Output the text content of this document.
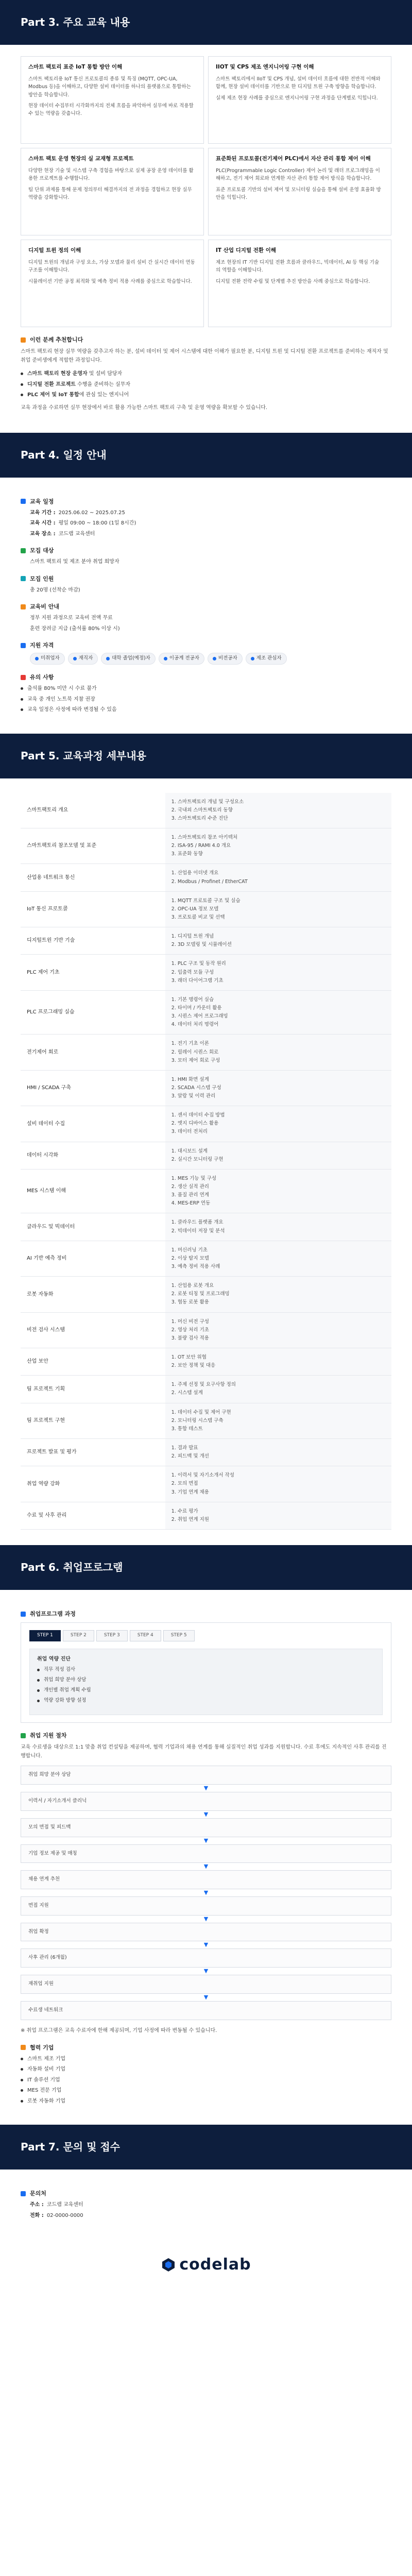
Part 3. 주요 교육 내용
스마트 팩토리 표준 IoT 통합 방안 이해

스마트 팩토리용 IoT 통신 프로토콜의 종류 및 특징 (MQTT, OPC-UA, Modbus 등)을 이해하고, 다양한 설비 데이터를 하나의 플랫폼으로 통합하는 방안을 학습합니다.

현장 데이터 수집부터 시각화까지의 전체 흐름을 파악하여 실무에 바로 적용할 수 있는 역량을 갖춥니다.

IIOT 및 CPS 제조 엔지니어링 구현 이해

스마트 팩토리에서 IIoT 및 CPS 개념, 설비 데이터 흐름에 대한 전반적 이해와 함께, 현장 설비 데이터를 기반으로 한 디지털 트윈 구축 방향을 학습합니다.

실제 제조 현장 사례를 중심으로 엔지니어링 구현 과정을 단계별로 익힙니다.

스마트 팩토 운영 현장의 실 교재형 프로젝트

다양한 현장 기술 및 시스템 구축 경험을 바탕으로 실제 공장 운영 데이터를 활용한 프로젝트를 수행합니다.

팀 단위 과제를 통해 문제 정의부터 해결까지의 전 과정을 경험하고 현장 실무 역량을 강화합니다.

표준화된 프로토콜(전기제어 PLC)에서 자산 관리 통합 제어 이해

PLC(Programmable Logic Controller) 제어 논리 및 래더 프로그래밍을 이해하고, 전기 제어 회로와 연계한 자산 관리 통합 제어 방식을 학습합니다.

표준 프로토콜 기반의 설비 제어 및 모니터링 실습을 통해 설비 운영 효율화 방안을 익힙니다.

디지털 트윈 정의 이해

디지털 트윈의 개념과 구성 요소, 가상 모델과 물리 설비 간 실시간 데이터 연동 구조를 이해합니다.

시뮬레이션 기반 공정 최적화 및 예측 정비 적용 사례를 중심으로 학습합니다.

IT 산업 디지털 전환 이해

제조 현장의 IT 기반 디지털 전환 흐름과 클라우드, 빅데이터, AI 등 핵심 기술의 역할을 이해합니다.

디지털 전환 전략 수립 및 단계별 추진 방안을 사례 중심으로 학습합니다.

이런 분께 추천합니다

스마트 팩토리 현장 실무 역량을 갖추고자 하는 분, 설비 데이터 및 제어 시스템에 대한 이해가 필요한 분, 디지털 트윈 및 디지털 전환 프로젝트를 준비하는 재직자 및 취업 준비생에게 적합한 과정입니다.

스마트 팩토리 현장 운영자 및 설비 담당자
디지털 전환 프로젝트 수행을 준비하는 실무자
PLC 제어 및 IoT 통합에 관심 있는 엔지니어

교육 과정을 수료하면 실무 현장에서 바로 활용 가능한 스마트 팩토리 구축 및 운영 역량을 확보할 수 있습니다.

Part 4. 일정 안내
교육 일정
교육 기간 : 2025.06.02 ~ 2025.07.25
교육 시간 : 평일 09:00 ~ 18:00 (1일 8시간)
교육 장소 : 코드랩 교육센터
모집 대상
스마트 팩토리 및 제조 분야 취업 희망자
모집 인원
총 20명 (선착순 마감)
교육비 안내
정부 지원 과정으로 교육비 전액 무료
훈련 장려금 지급 (출석률 80% 이상 시)
지원 자격
미취업자	재직자	대학 졸업(예정)자	이공계 전공자	비전공자	제조 관심자
유의 사항
출석률 80% 미만 시 수료 불가
교육 중 개인 노트북 지참 권장
교육 일정은 사정에 따라 변경될 수 있음
Part 5. 교육과정 세부내용
스마트팩토리 개요	1. 스마트팩토리 개념 및 구성요소
2. 국내외 스마트팩토리 동향
3. 스마트팩토리 수준 진단
스마트팩토리 참조모델 및 표준	1. 스마트팩토리 참조 아키텍처
2. ISA-95 / RAMI 4.0 개요
3. 표준화 동향
산업용 네트워크 통신	1. 산업용 이더넷 개요
2. Modbus / Profinet / EtherCAT
IoT 통신 프로토콜	1. MQTT 프로토콜 구조 및 실습
2. OPC-UA 정보 모델
3. 프로토콜 비교 및 선택
디지털트윈 기반 기술	1. 디지털 트윈 개념
2. 3D 모델링 및 시뮬레이션
PLC 제어 기초	1. PLC 구조 및 동작 원리
2. 입출력 모듈 구성
3. 래더 다이어그램 기초
PLC 프로그래밍 실습	1. 기본 명령어 실습
2. 타이머 / 카운터 활용
3. 시퀀스 제어 프로그래밍
4. 데이터 처리 명령어
전기제어 회로	1. 전기 기초 이론
2. 릴레이 시퀀스 회로
3. 모터 제어 회로 구성
HMI / SCADA 구축	1. HMI 화면 설계
2. SCADA 시스템 구성
3. 알람 및 이력 관리
설비 데이터 수집	1. 센서 데이터 수집 방법
2. 엣지 디바이스 활용
3. 데이터 전처리
데이터 시각화	1. 대시보드 설계
2. 실시간 모니터링 구현
MES 시스템 이해	1. MES 기능 및 구성
2. 생산 실적 관리
3. 품질 관리 연계
4. MES-ERP 연동
클라우드 및 빅데이터	1. 클라우드 플랫폼 개요
2. 빅데이터 저장 및 분석
AI 기반 예측 정비	1. 머신러닝 기초
2. 이상 탐지 모델
3. 예측 정비 적용 사례
로봇 자동화	1. 산업용 로봇 개요
2. 로봇 티칭 및 프로그래밍
3. 협동 로봇 활용
비전 검사 시스템	1. 머신 비전 구성
2. 영상 처리 기초
3. 불량 검사 적용
산업 보안	1. OT 보안 위협
2. 보안 정책 및 대응
팀 프로젝트 기획	1. 주제 선정 및 요구사항 정의
2. 시스템 설계
팀 프로젝트 구현	1. 데이터 수집 및 제어 구현
2. 모니터링 시스템 구축
3. 통합 테스트
프로젝트 발표 및 평가	1. 결과 발표
2. 피드백 및 개선
취업 역량 강화	1. 이력서 및 자기소개서 작성
2. 모의 면접
3. 기업 연계 채용
수료 및 사후 관리	1. 수료 평가
2. 취업 연계 지원
Part 6. 취업프로그램
취업프로그램 과정
STEP 1	STEP 2	STEP 3	STEP 4	STEP 5
취업 역량 진단
직무 적성 검사
취업 희망 분야 상담
개인별 취업 계획 수립
역량 강화 방향 설정
취업 지원 절차

교육 수료생을 대상으로 1:1 맞춤 취업 컨설팅을 제공하며, 협력 기업과의 채용 연계를 통해 실질적인 취업 성과를 지원합니다. 수료 후에도 지속적인 사후 관리를 진행합니다.

취업 희망 분야 상담
▼
이력서 / 자기소개서 클리닉
▼
모의 면접 및 피드백
▼
기업 정보 제공 및 매칭
▼
채용 연계 추천
▼
면접 지원
▼
취업 확정
▼
사후 관리 (6개월)
▼
재취업 지원
▼
수료생 네트워크

※ 취업 프로그램은 교육 수료자에 한해 제공되며, 기업 사정에 따라 변동될 수 있습니다.

협력 기업
스마트 제조 기업
자동화 설비 기업
IT 솔루션 기업
MES 전문 기업
로봇 자동화 기업
Part 7. 문의 및 접수
문의처
주소 : 코드랩 교육센터
전화 : 02-0000-0000
codelab
